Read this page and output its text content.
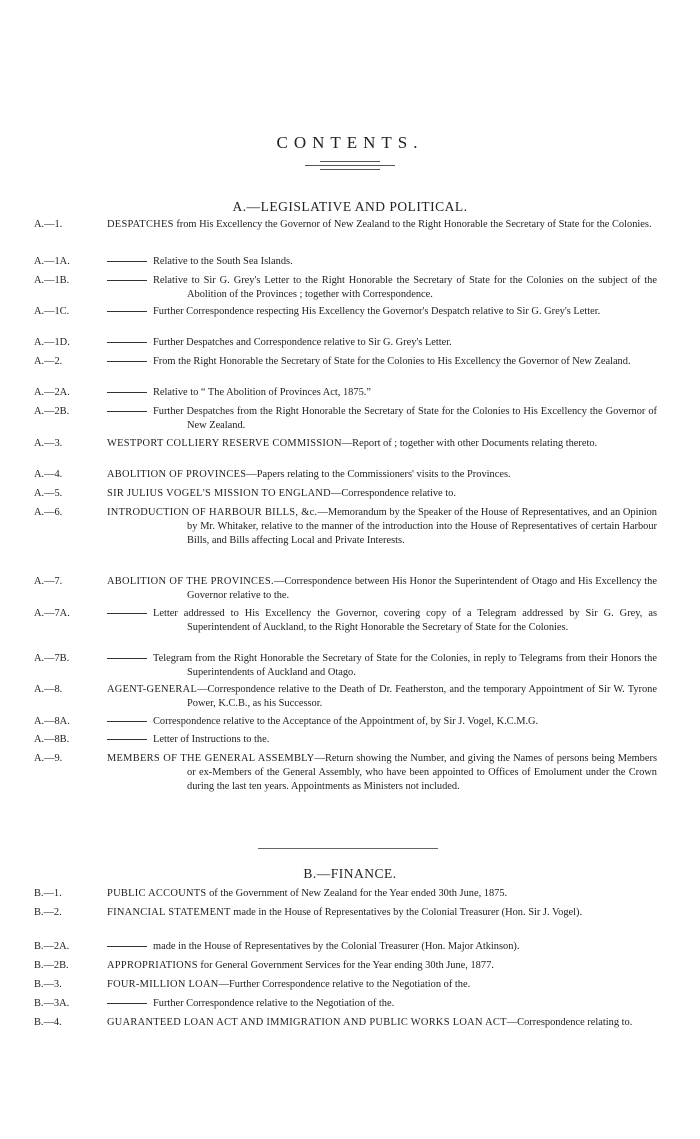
CONTENTS.
A.—LEGISLATIVE AND POLITICAL.
A.—1.	DESPATCHES from His Excellency the Governor of New Zealand to the Right Honorable the Secretary of State for the Colonies.
A.—1A.	Relative to the South Sea Islands.
A.—1B.	Relative to Sir G. Grey's Letter to the Right Honorable the Secretary of State for the Colonies on the subject of the Abolition of the Provinces ; together with Correspondence.
A.—1C.	Further Correspondence respecting His Excellency the Governor's Despatch relative to Sir G. Grey's Letter.
A.—1D.	Further Despatches and Correspondence relative to Sir G. Grey's Letter.
A.—2.	From the Right Honorable the Secretary of State for the Colonies to His Excellency the Governor of New Zealand.
A.—2A.	Relative to “ The Abolition of Provinces Act, 1875.”
A.—2B.	Further Despatches from the Right Honorable the Secretary of State for the Colonies to His Excellency the Governor of New Zealand.
A.—3.	WESTPORT COLLIERY RESERVE COMMISSION—Report of ; together with other Documents relating thereto.
A.—4.	ABOLITION OF PROVINCES—Papers relating to the Commissioners' visits to the Provinces.
A.—5.	SIR JULIUS VOGEL'S MISSION TO ENGLAND—Correspondence relative to.
A.—6.	INTRODUCTION OF HARBOUR BILLS, &c.—Memorandum by the Speaker of the House of Representatives, and an Opinion by Mr. Whitaker, relative to the manner of the introduction into the House of Representatives of certain Harbour Bills, and Bills affecting Local and Private Interests.
A.—7.	ABOLITION OF THE PROVINCES.—Correspondence between His Honor the Superintendent of Otago and His Excellency the Governor relative to the.
A.—7A.	Letter addressed to His Excellency the Governor, covering copy of a Telegram addressed by Sir G. Grey, as Superintendent of Auckland, to the Right Honorable the Secretary of State for the Colonies.
A.—7B.	Telegram from the Right Honorable the Secretary of State for the Colonies, in reply to Telegrams from their Honors the Superintendents of Auckland and Otago.
A.—8.	AGENT-GENERAL—Correspondence relative to the Death of Dr. Featherston, and the temporary Appointment of Sir W. Tyrone Power, K.C.B., as his Successor.
A.—8A.	Correspondence relative to the Acceptance of the Appointment of, by Sir J. Vogel, K.C.M.G.
A.—8B.	Letter of Instructions to the.
A.—9.	MEMBERS OF THE GENERAL ASSEMBLY—Return showing the Number, and giving the Names of persons being Members or ex-Members of the General Assembly, who have been appointed to Offices of Emolument under the Crown during the last ten years. Appointments as Ministers not included.
B.—FINANCE.
B.—1.	PUBLIC ACCOUNTS of the Government of New Zealand for the Year ended 30th June, 1875.
B.—2.	FINANCIAL STATEMENT made in the House of Representatives by the Colonial Treasurer (Hon. Sir J. Vogel).
B.—2A.	made in the House of Representatives by the Colonial Treasurer (Hon. Major Atkinson).
B.—2B.	APPROPRIATIONS for General Government Services for the Year ending 30th June, 1877.
B.—3.	FOUR-MILLION LOAN—Further Correspondence relative to the Negotiation of the.
B.—3A.	Further Correspondence relative to the Negotiation of the.
B.—4.	GUARANTEED LOAN ACT AND IMMIGRATION AND PUBLIC WORKS LOAN ACT—Correspondence relating to.
